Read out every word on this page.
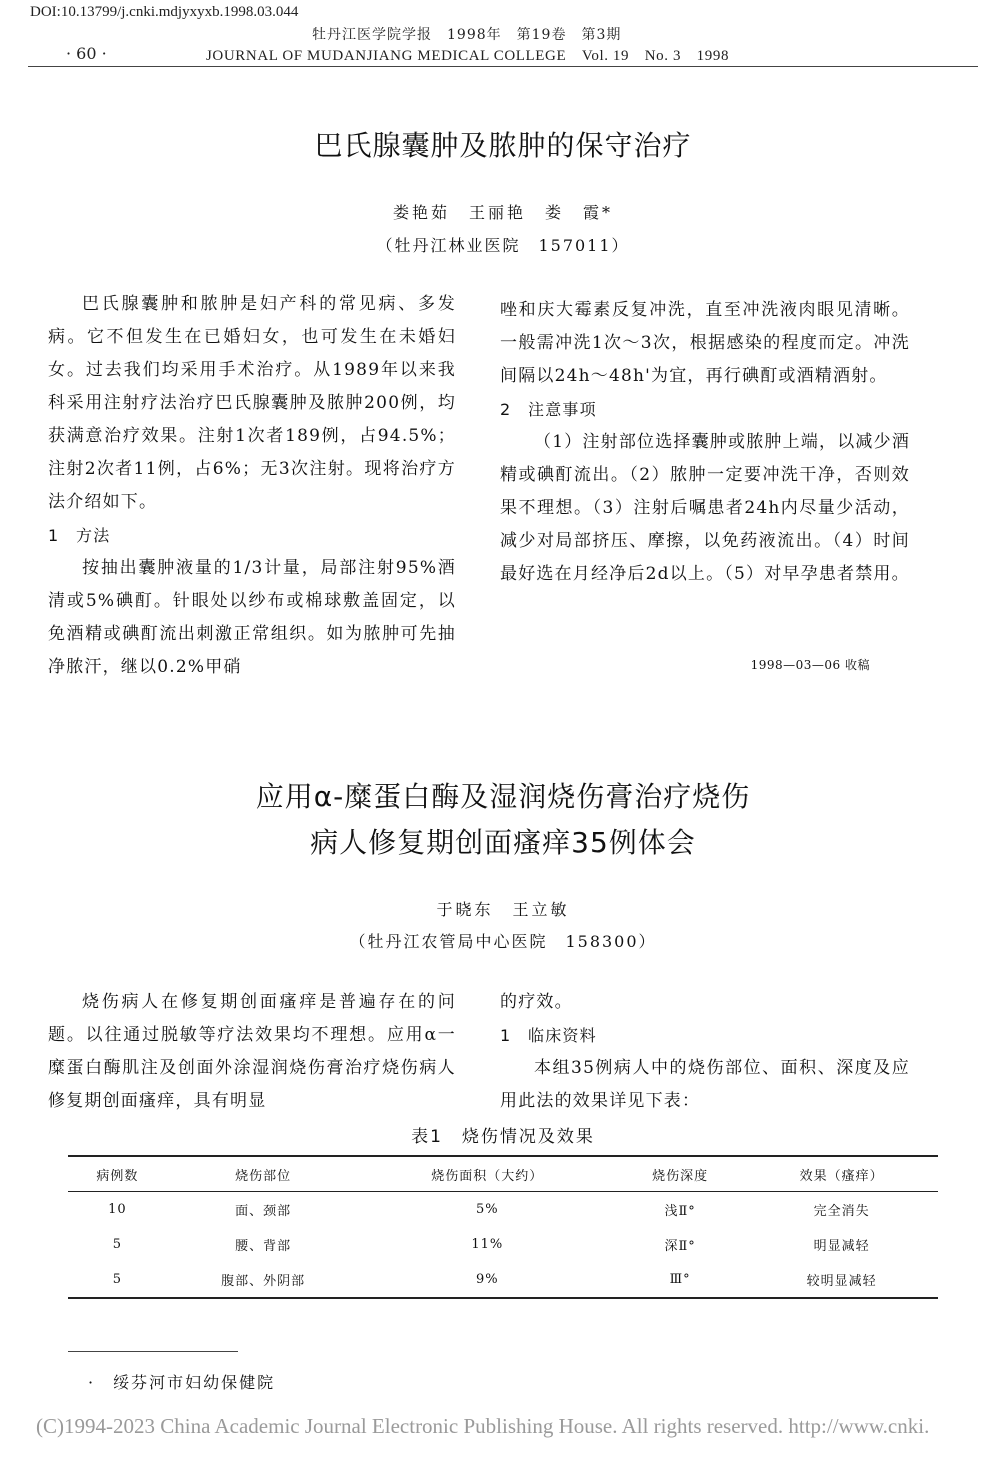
DOI:10.13799/j.cnki.mdjyxyxb.1998.03.044
牡丹江医学院学报　1998年　第19卷　第3期
· 60 ·	JOURNAL OF MUDANJIANG MEDICAL COLLEGE　Vol. 19　No. 3　1998
巴氏腺囊肿及脓肿的保守治疗
娄艳茹　王丽艳　娄　霞*
（牡丹江林业医院　157011）

巴氏腺囊肿和脓肿是妇产科的常见病、多发病。它不但发生在已婚妇女，也可发生在未婚妇女。过去我们均采用手术治疗。从1989年以来我科采用注射疗法治疗巴氏腺囊肿及脓肿200例，均获满意治疗效果。注射1次者189例，占94.5%；注射2次者11例，占6%；无3次注射。现将治疗方法介绍如下。

1 方法

按抽出囊肿液量的1/3计量，局部注射95%酒清或5%碘酊。针眼处以纱布或棉球敷盖固定，以免酒精或碘酊流出刺激正常组织。如为脓肿可先抽净脓汗，继以0.2%甲硝

唑和庆大霉素反复冲洗，直至冲洗液肉眼见清晰。一般需冲洗1次～3次，根据感染的程度而定。冲洗间隔以24h～48h'为宜，再行碘酊或酒精酒射。

2 注意事项

（1）注射部位选择囊肿或脓肿上端，以减少酒精或碘酊流出。（2）脓肿一定要冲洗干净，否则效果不理想。（3）注射后嘱患者24h内尽量少活动，减少对局部挤压、摩擦，以免药液流出。（4）时间最好选在月经净后2d以上。（5）对早孕患者禁用。

1998—03—06 收稿
应用α-糜蛋白酶及湿润烧伤膏治疗烧伤
病人修复期创面瘙痒35例体会
于晓东　王立敏
（牡丹江农管局中心医院　158300）

烧伤病人在修复期创面瘙痒是普遍存在的问题。以往通过脱敏等疗法效果均不理想。应用α一糜蛋白酶肌注及创面外涂湿润烧伤膏治疗烧伤病人修复期创面瘙痒，具有明显

的疗效。

1 临床资料

本组35例病人中的烧伤部位、面积、深度及应用此法的效果详见下表：

表1　烧伤情况及效果
病例数	烧伤部位	烧伤面积（大约）	烧伤深度	效果（瘙痒）
10	面、颈部	5%	浅Ⅱ°	完全消失
5	腰、背部	11%	深Ⅱ°	明显减轻
5	腹部、外阴部	9%	Ⅲ°	较明显减轻
·　绥芬河市妇幼保健院
(C)1994-2023 China Academic Journal Electronic Publishing House. All rights reserved. http://www.cnki.
